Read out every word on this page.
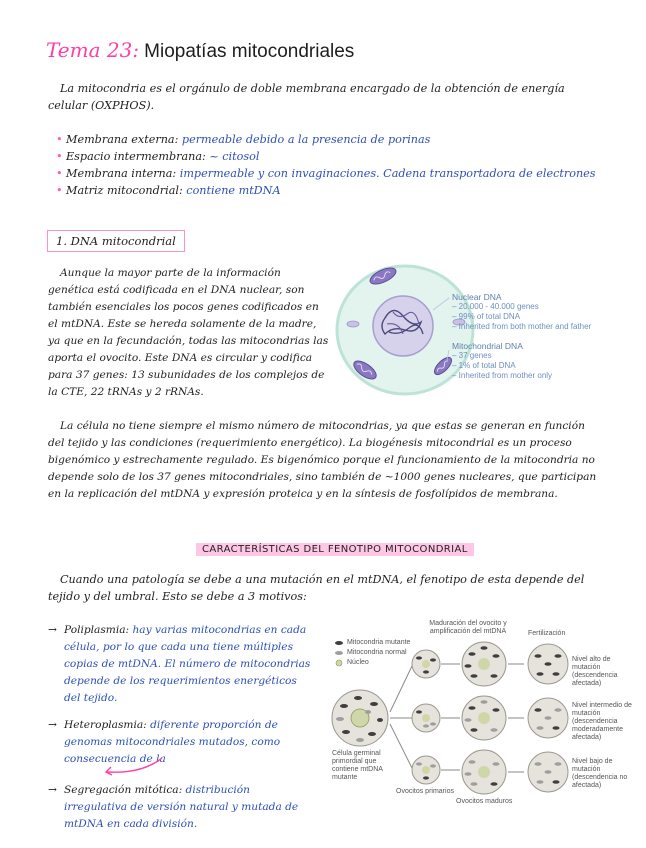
Tema 23: Miopatías mitocondriales
La mitocondria es el orgánulo de doble membrana encargado de la obtención de energía celular (OXPHOS).
• Membrana externa: permeable debido a la presencia de porinas
• Espacio intermembrana: ~ citosol
• Membrana interna: impermeable y con invaginaciones. Cadena transportadora de electrones
• Matriz mitocondrial: contiene mtDNA
1. DNA mitocondrial
Aunque la mayor parte de la información genética está codificada en el DNA nuclear, son también esenciales los pocos genes codificados en el mtDNA. Este se hereda solamente de la madre, ya que en la fecundación, todas las mitocondrias las aporta el ovocito. Este DNA es circular y codifica para 37 genes: 13 subunidades de los complejos de la CTE, 22 tRNAs y 2 rRNAs.
Nuclear DNA
– 20.000 - 40.000 genes
– 99% of total DNA
– Inherited from both mother and father
Mitochondrial DNA
– 37 genes
– 1% of total DNA
– Inherited from mother only
La célula no tiene siempre el mismo número de mitocondrias, ya que estas se generan en función del tejido y las condiciones (requerimiento energético). La biogénesis mitocondrial es un proceso bigenómico y estrechamente regulado. Es bigenómico porque el funcionamiento de la mitocondria no depende solo de los 37 genes mitocondriales, sino también de ~1000 genes nucleares, que participan en la replicación del mtDNA y expresión proteica y en la síntesis de fosfolípidos de membrana.
CARACTERÍSTICAS DEL FENOTIPO MITOCONDRIAL
Cuando una patología se debe a una mutación en el mtDNA, el fenotipo de esta depende del tejido y del umbral. Esto se debe a 3 motivos:
→ Poliplasmia: hay varias mitocondrias en cada célula, por lo que cada una tiene múltiples copias de mtDNA. El número de mitocondrias depende de los requerimientos energéticos del tejido.
→ Heteroplasmia: diferente proporción de genomas mitocondriales mutados, como consecuencia de la
→ Segregación mitótica: distribución irregulativa de versión natural y mutada de mtDNA en cada división.
Maduración del ovocito y amplificación del mtDNA	Fertilización
Mitocondria mutante
Mitocondria normal
Núcleo
Célula germinal primordial que contiene mtDNA mutante
Ovocitos primarios
Ovocitos maduros
Nivel alto de mutación (descendencia afectada)
Nivel intermedio de mutación (descendencia moderadamente afectada)
Nivel bajo de mutación (descendencia no afectada)
